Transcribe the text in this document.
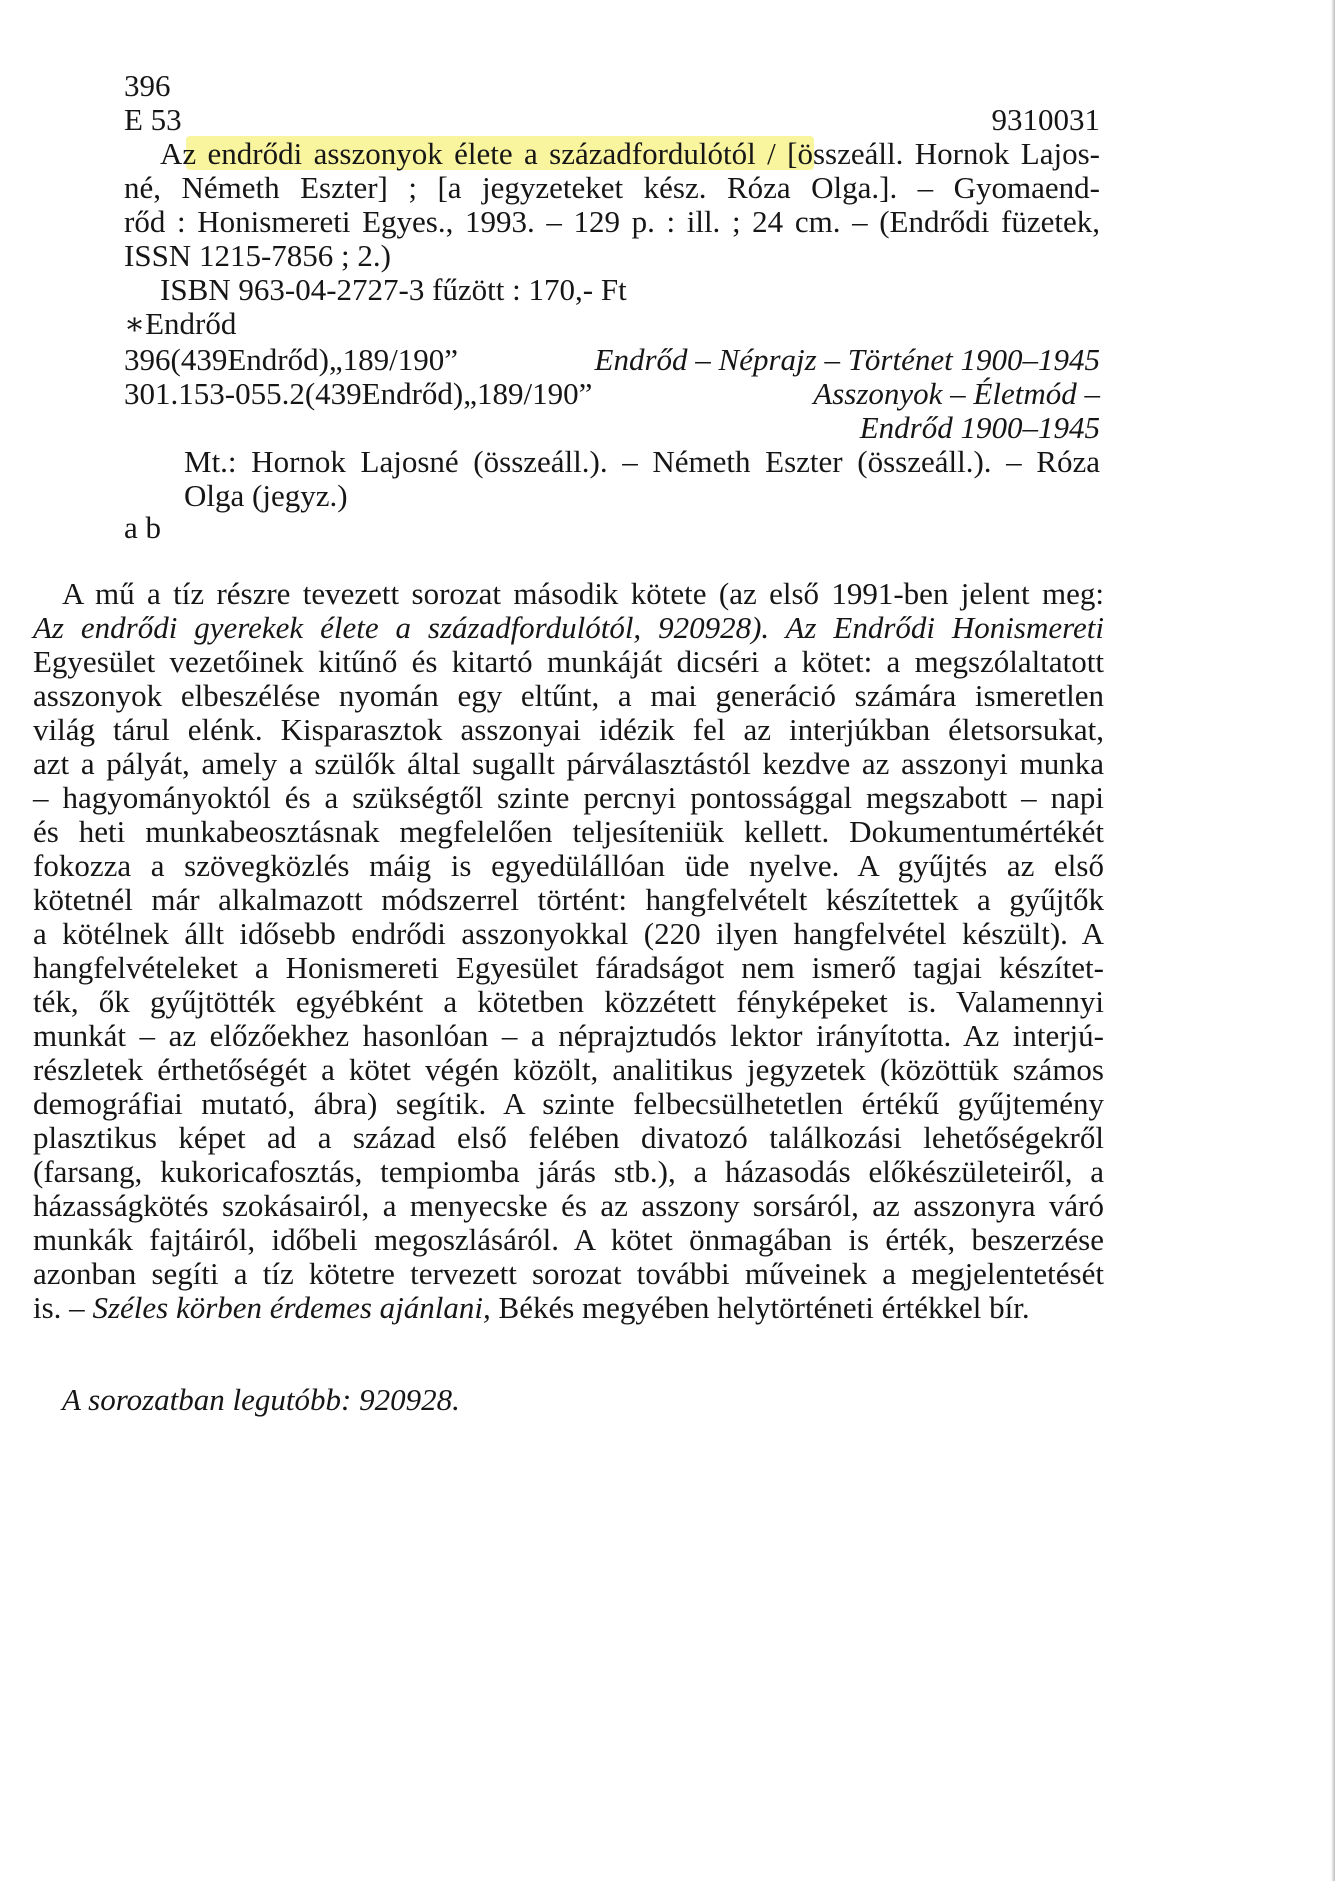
396
E 53	9310031
Az endrődi asszonyok élete a századfordulótól / [összeáll. Hornok Lajos-
né, Németh Eszter] ; [a jegyzeteket kész. Róza Olga.]. – Gyomaend-
rőd : Honismereti Egyes., 1993. – 129 p. : ill. ; 24 cm. – (Endrődi füzetek,
ISSN 1215-7856 ; 2.)
ISBN 963-04-2727-3 fűzött : 170,- Ft
∗Endrőd
396(439Endrőd)„189/190”	Endrőd – Néprajz – Történet 1900–1945
301.153-055.2(439Endrőd)„189/190”	Asszonyok – Életmód –
Endrőd 1900–1945
Mt.: Hornok Lajosné (összeáll.). – Németh Eszter (összeáll.). – Róza
Olga (jegyz.)
a b
A mű a tíz részre tevezett sorozat második kötete (az első 1991-ben jelent meg:
Az endrődi gyerekek élete a századfordulótól, 920928). Az Endrődi Honismereti
Egyesület vezetőinek kitűnő és kitartó munkáját dicséri a kötet: a megszólaltatott
asszonyok elbeszélése nyomán egy eltűnt, a mai generáció számára ismeretlen
világ tárul elénk. Kisparasztok asszonyai idézik fel az interjúkban életsorsukat,
azt a pályát, amely a szülők által sugallt párválasztástól kezdve az asszonyi munka
– hagyományoktól és a szükségtől szinte percnyi pontossággal megszabott – napi
és heti munkabeosztásnak megfelelően teljesíteniük kellett. Dokumentumértékét
fokozza a szövegközlés máig is egyedülállóan üde nyelve. A gyűjtés az első
kötetnél már alkalmazott módszerrel történt: hangfelvételt készítettek a gyűjtők
a kötélnek állt idősebb endrődi asszonyokkal (220 ilyen hangfelvétel készült). A
hangfelvételeket a Honismereti Egyesület fáradságot nem ismerő tagjai készítet-
ték, ők gyűjtötték egyébként a kötetben közzétett fényképeket is. Valamennyi
munkát – az előzőekhez hasonlóan – a néprajztudós lektor irányította. Az interjú-
részletek érthetőségét a kötet végén közölt, analitikus jegyzetek (közöttük számos
demográfiai mutató, ábra) segítik. A szinte felbecsülhetetlen értékű gyűjtemény
plasztikus képet ad a század első felében divatozó találkozási lehetőségekről
(farsang, kukoricafosztás, tempiomba járás stb.), a házasodás előkészületeiről, a
házasságkötés szokásairól, a menyecske és az asszony sorsáról, az asszonyra váró
munkák fajtáiról, időbeli megoszlásáról. A kötet önmagában is érték, beszerzése
azonban segíti a tíz kötetre tervezett sorozat további műveinek a megjelentetését
is. – Széles körben érdemes ajánlani, Békés megyében helytörténeti értékkel bír.
A sorozatban legutóbb: 920928.
